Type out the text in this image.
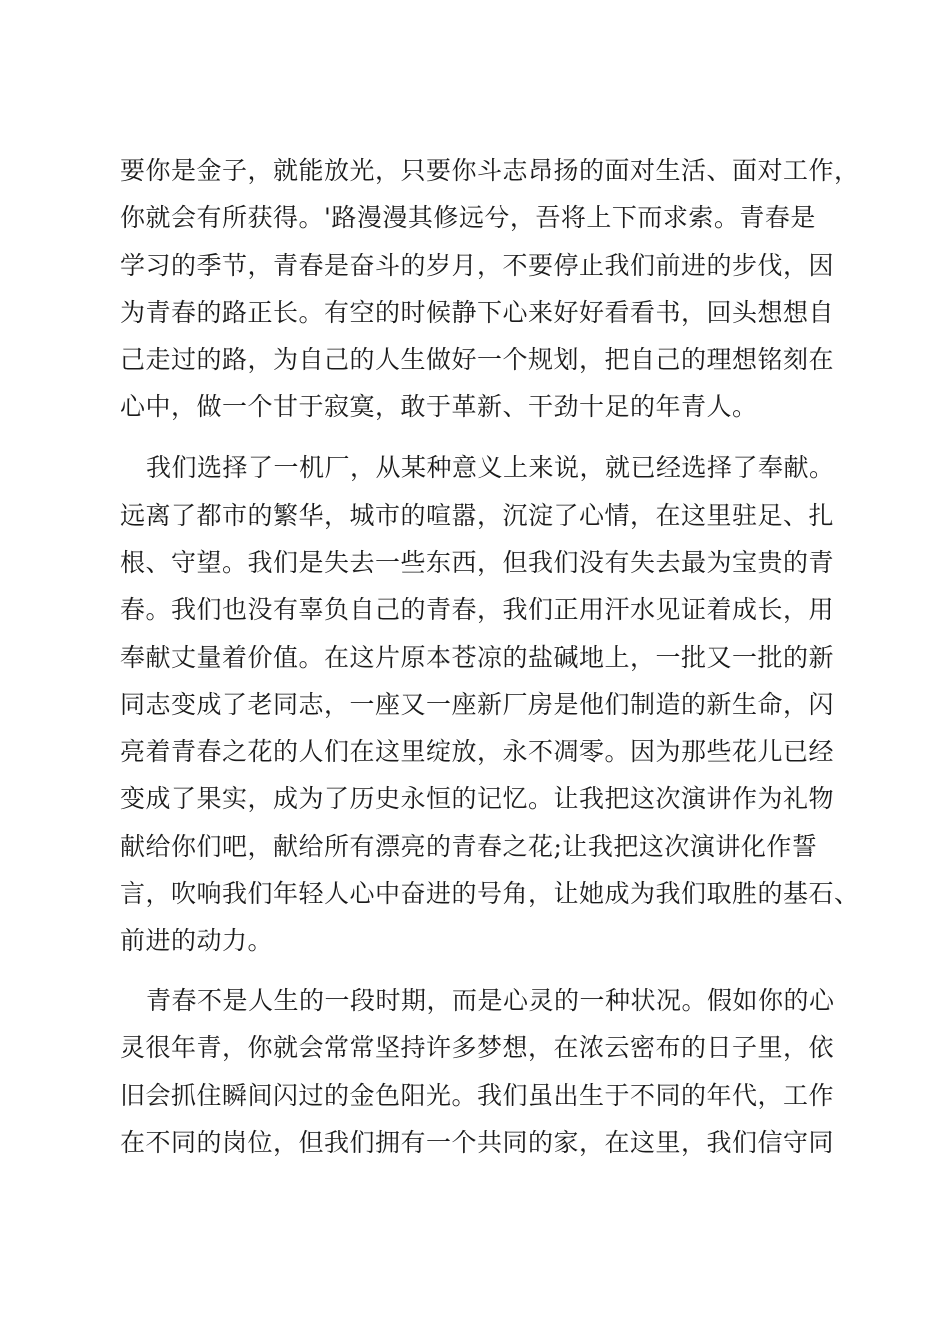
要你是金子，就能放光，只要你斗志昂扬的面对生活、面对工作，
你就会有所获得。'路漫漫其修远兮，吾将上下而求索。青春是
学习的季节，青春是奋斗的岁月，不要停止我们前进的步伐，因
为青春的路正长。有空的时候静下心来好好看看书，回头想想自
己走过的路，为自己的人生做好一个规划，把自己的理想铭刻在
心中，做一个甘于寂寞，敢于革新、干劲十足的年青人。
我们选择了一机厂，从某种意义上来说，就已经选择了奉献。
远离了都市的繁华，城市的喧嚣，沉淀了心情，在这里驻足、扎
根、守望。我们是失去一些东西，但我们没有失去最为宝贵的青
春。我们也没有辜负自己的青春，我们正用汗水见证着成长，用
奉献丈量着价值。在这片原本苍凉的盐碱地上，一批又一批的新
同志变成了老同志，一座又一座新厂房是他们制造的新生命，闪
亮着青春之花的人们在这里绽放，永不凋零。因为那些花儿已经
变成了果实，成为了历史永恒的记忆。让我把这次演讲作为礼物
献给你们吧，献给所有漂亮的青春之花;让我把这次演讲化作誓
言，吹响我们年轻人心中奋进的号角，让她成为我们取胜的基石、
前进的动力。
青春不是人生的一段时期，而是心灵的一种状况。假如你的心
灵很年青，你就会常常坚持许多梦想，在浓云密布的日子里，依
旧会抓住瞬间闪过的金色阳光。我们虽出生于不同的年代，工作
在不同的岗位，但我们拥有一个共同的家，在这里，我们信守同
